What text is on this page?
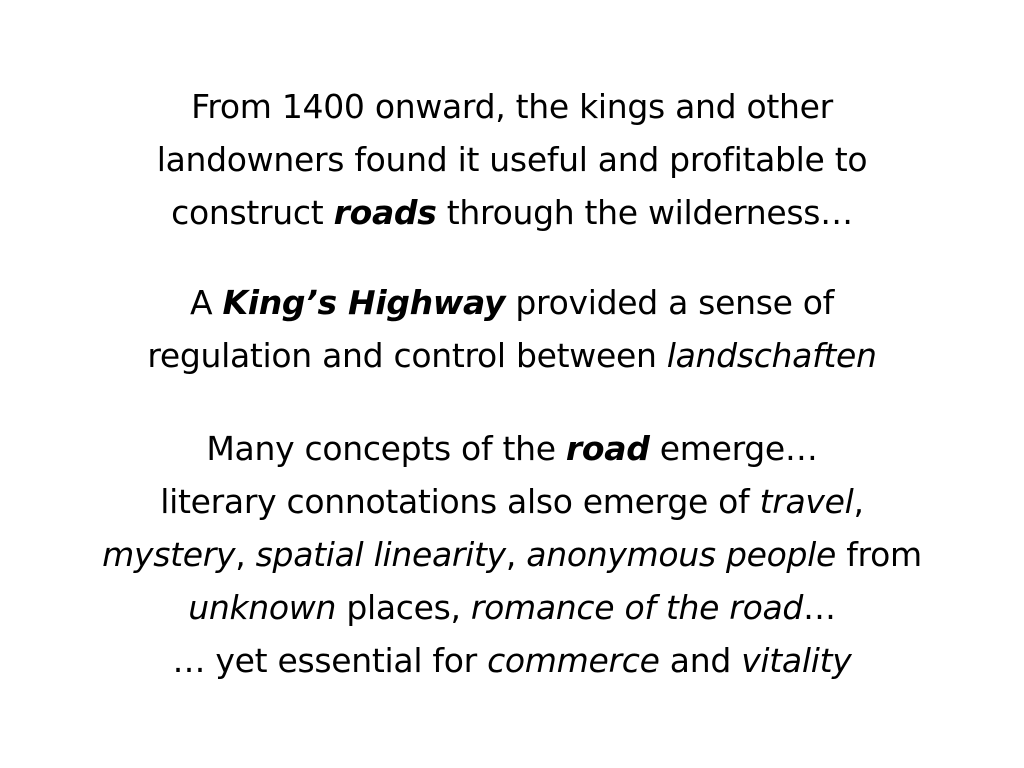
From 1400 onward, the kings and other
landowners found it useful and profitable to
construct roads through the wilderness…
A King’s Highway provided a sense of
regulation and control between landschaften
Many concepts of the road emerge…
literary connotations also emerge of travel,
mystery, spatial linearity, anonymous people from
unknown places, romance of the road…
… yet essential for commerce and vitality
